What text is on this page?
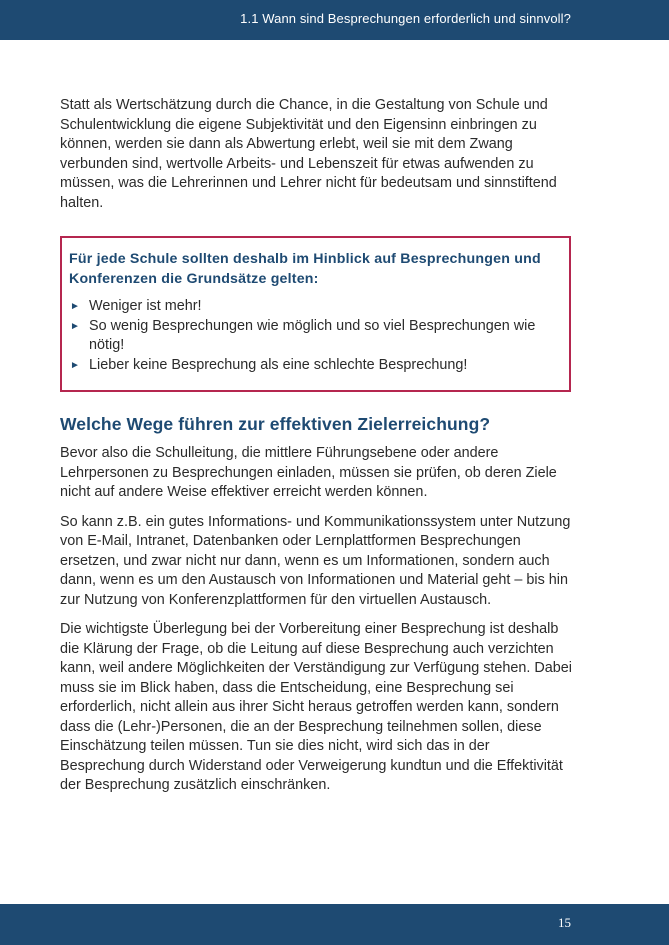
1.1 Wann sind Besprechungen erforderlich und sinnvoll?

Statt als Wertschätzung durch die Chance, in die Gestaltung von Schule und Schulentwicklung die eigene Subjektivität und den Eigensinn einbringen zu können, werden sie dann als Abwertung erlebt, weil sie mit dem Zwang verbunden sind, wertvolle Arbeits- und Lebenszeit für etwas aufwenden zu müssen, was die Lehrerinnen und Lehrer nicht für bedeutsam und sinnstiftend halten.

Für jede Schule sollten deshalb im Hinblick auf Besprechungen und Konferenzen die Grundsätze gelten:

► Weniger ist mehr!
► So wenig Besprechungen wie möglich und so viel Besprechungen wie nötig!
► Lieber keine Besprechung als eine schlechte Besprechung!
Welche Wege führen zur effektiven Zielerreichung?

Bevor also die Schulleitung, die mittlere Führungsebene oder andere Lehrpersonen zu Besprechungen einladen, müssen sie prüfen, ob deren Ziele nicht auf andere Weise effektiver erreicht werden können.

So kann z.B. ein gutes Informations- und Kommunikationssystem unter Nutzung von E-Mail, Intranet, Datenbanken oder Lernplattformen Besprechungen ersetzen, und zwar nicht nur dann, wenn es um Informationen, sondern auch dann, wenn es um den Austausch von Informationen und Material geht – bis hin zur Nutzung von Konferenzplattformen für den virtuellen Austausch.

Die wichtigste Überlegung bei der Vorbereitung einer Besprechung ist deshalb die Klärung der Frage, ob die Leitung auf diese Besprechung auch verzichten kann, weil andere Möglichkeiten der Verständigung zur Verfügung stehen. Dabei muss sie im Blick haben, dass die Entscheidung, eine Besprechung sei erforderlich, nicht allein aus ihrer Sicht heraus getroffen werden kann, sondern dass die (Lehr-)Personen, die an der Besprechung teilnehmen sollen, diese Einschätzung teilen müssen. Tun sie dies nicht, wird sich das in der Besprechung durch Widerstand oder Verweigerung kundtun und die Effektivität der Besprechung zusätzlich einschränken.

15
